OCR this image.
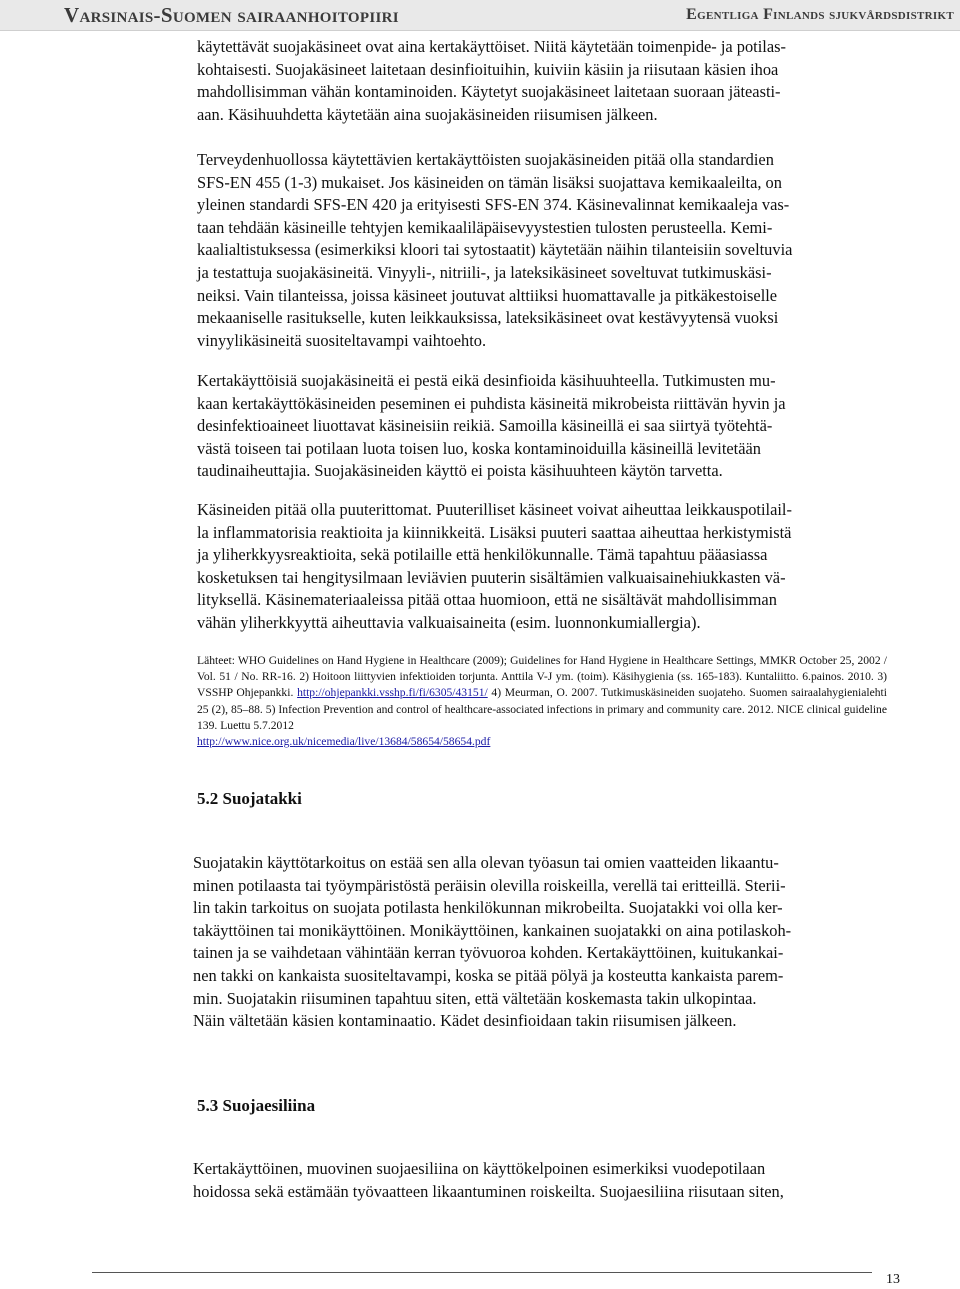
Varsinais-Suomen sairaanhoitopiiri	Egentliga Finlands sjukvårdsdistrikt

käytettävät suojakäsineet ovat aina kertakäyttöiset. Niitä käytetään toimenpide- ja potilas-
kohtaisesti. Suojakäsineet laitetaan desinfioituihin, kuiviin käsiin ja riisutaan käsien ihoa
mahdollisimman vähän kontaminoiden. Käytetyt suojakäsineet laitetaan suoraan jäteasti-
aan. Käsihuuhdetta käytetään aina suojakäsineiden riisumisen jälkeen.

Terveydenhuollossa käytettävien kertakäyttöisten suojakäsineiden pitää olla standardien
SFS-EN 455 (1-3) mukaiset. Jos käsineiden on tämän lisäksi suojattava kemikaaleilta, on
yleinen standardi SFS-EN 420 ja erityisesti SFS-EN 374. Käsinevalinnat kemikaaleja vas-
taan tehdään käsineille tehtyjen kemikaaliläpäisevyystestien tulosten perusteella. Kemi-
kaalialtistuksessa (esimerkiksi kloori tai sytostaatit) käytetään näihin tilanteisiin soveltuvia
ja testattuja suojakäsineitä. Vinyyli-, nitriili-, ja lateksikäsineet soveltuvat tutkimuskäsi-
neiksi. Vain tilanteissa, joissa käsineet joutuvat alttiiksi huomattavalle ja pitkäkestoiselle
mekaaniselle rasitukselle, kuten leikkauksissa, lateksikäsineet ovat kestävyytensä vuoksi
vinyylikäsineitä suositeltavampi vaihtoehto.

Kertakäyttöisiä suojakäsineitä ei pestä eikä desinfioida käsihuuhteella. Tutkimusten mu-
kaan kertakäyttökäsineiden peseminen ei puhdista käsineitä mikrobeista riittävän hyvin ja
desinfektioaineet liuottavat käsineisiin reikiä. Samoilla käsineillä ei saa siirtyä työtehtä-
västä toiseen tai potilaan luota toisen luo, koska kontaminoiduilla käsineillä levitetään
taudinaiheuttajia. Suojakäsineiden käyttö ei poista käsihuuhteen käytön tarvetta.

Käsineiden pitää olla puuterittomat. Puuterilliset käsineet voivat aiheuttaa leikkauspotilail-
la inflammatorisia reaktioita ja kiinnikkeitä. Lisäksi puuteri saattaa aiheuttaa herkistymistä
ja yliherkkyysreaktioita, sekä potilaille että henkilökunnalle. Tämä tapahtuu pääasiassa
kosketuksen tai hengitysilmaan leviävien puuterin sisältämien valkuaisainehiukkasten vä-
lityksellä. Käsinemateriaaleissa pitää ottaa huomioon, että ne sisältävät mahdollisimman
vähän yliherkkyyttä aiheuttavia valkuaisaineita (esim. luonnonkumiallergia).

Lähteet: WHO Guidelines on Hand Hygiene in Healthcare (2009); Guidelines for Hand Hygiene in Healthcare Settings, MMKR October 25, 2002 / Vol. 51 / No. RR-16. 2) Hoitoon liittyvien infektioiden torjunta. Anttila V-J ym. (toim). Käsihygienia (ss. 165-183). Kuntaliitto. 6.painos. 2010. 3) VSSHP Ohjepankki. http://ohjepankki.vsshp.fi/fi/6305/43151/ 4) Meurman, O. 2007. Tutkimuskäsineiden suojateho. Suomen sairaalahygienialehti 25 (2), 85–88. 5) Infection Prevention and control of healthcare-associated infections in primary and community care. 2012. NICE clinical guideline 139. Luettu 5.7.2012
http://www.nice.org.uk/nicemedia/live/13684/58654/58654.pdf

5.2 Suojatakki

Suojatakin käyttötarkoitus on estää sen alla olevan työasun tai omien vaatteiden likaantu-
minen potilaasta tai työympäristöstä peräisin olevilla roiskeilla, verellä tai eritteillä. Sterii-
lin takin tarkoitus on suojata potilasta henkilökunnan mikrobeilta. Suojatakki voi olla ker-
takäyttöinen tai monikäyttöinen. Monikäyttöinen, kankainen suojatakki on aina potilaskoh-
tainen ja se vaihdetaan vähintään kerran työvuoroa kohden. Kertakäyttöinen, kuitukankai-
nen takki on kankaista suositeltavampi, koska se pitää pölyä ja kosteutta kankaista parem-
min. Suojatakin riisuminen tapahtuu siten, että vältetään koskemasta takin ulkopintaa.
Näin vältetään käsien kontaminaatio. Kädet desinfioidaan takin riisumisen jälkeen.

5.3 Suojaesiliina

Kertakäyttöinen, muovinen suojaesiliina on käyttökelpoinen esimerkiksi vuodepotilaan
hoidossa sekä estämään työvaatteen likaantuminen roiskeilta. Suojaesiliina riisutaan siten,

13
